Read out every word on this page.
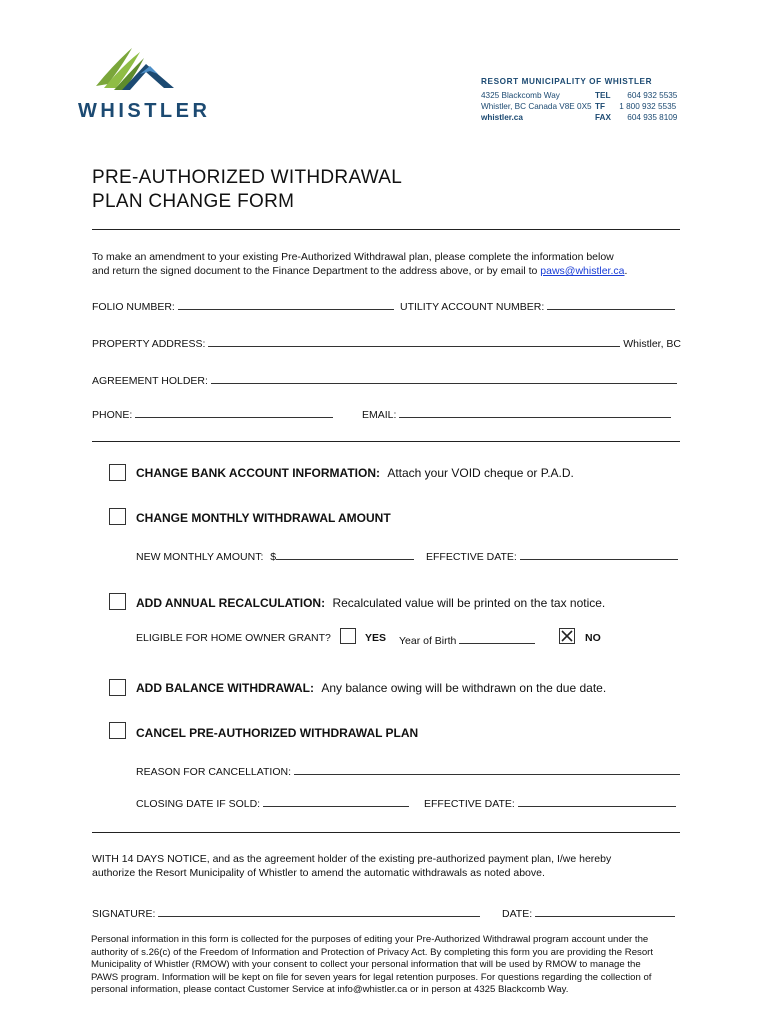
WHISTLER
RESORT MUNICIPALITY OF WHISTLER
4325 Blackcomb Way
Whistler, BC Canada V8E 0X5
whistler.ca
TEL 604 932 5535
TF 1 800 932 5535
FAX 604 935 8109
PRE-AUTHORIZED WITHDRAWAL
PLAN CHANGE FORM
To make an amendment to your existing Pre-Authorized Withdrawal plan, please complete the information below
and return the signed document to the Finance Department to the address above, or by email to paws@whistler.ca.
FOLIO NUMBER:	UTILITY ACCOUNT NUMBER:
PROPERTY ADDRESS:	Whistler, BC
AGREEMENT HOLDER:
PHONE:	EMAIL:
CHANGE BANK ACCOUNT INFORMATION: Attach your VOID cheque or P.A.D.
CHANGE MONTHLY WITHDRAWAL AMOUNT
NEW MONTHLY AMOUNT: $	EFFECTIVE DATE:
ADD ANNUAL RECALCULATION: Recalculated value will be printed on the tax notice.
ELIGIBLE FOR HOME OWNER GRANT?	YES Year of Birth	NO
ADD BALANCE WITHDRAWAL: Any balance owing will be withdrawn on the due date.
CANCEL PRE-AUTHORIZED WITHDRAWAL PLAN
REASON FOR CANCELLATION:
CLOSING DATE IF SOLD:	EFFECTIVE DATE:
WITH 14 DAYS NOTICE, and as the agreement holder of the existing pre-authorized payment plan, I/we hereby
authorize the Resort Municipality of Whistler to amend the automatic withdrawals as noted above.
SIGNATURE:	DATE:
Personal information in this form is collected for the purposes of editing your Pre-Authorized Withdrawal program account under the
authority of s.26(c) of the Freedom of Information and Protection of Privacy Act. By completing this form you are providing the Resort
Municipality of Whistler (RMOW) with your consent to collect your personal information that will be used by RMOW to manage the
PAWS program. Information will be kept on file for seven years for legal retention purposes. For questions regarding the collection of
personal information, please contact Customer Service at info@whistler.ca or in person at 4325 Blackcomb Way.
